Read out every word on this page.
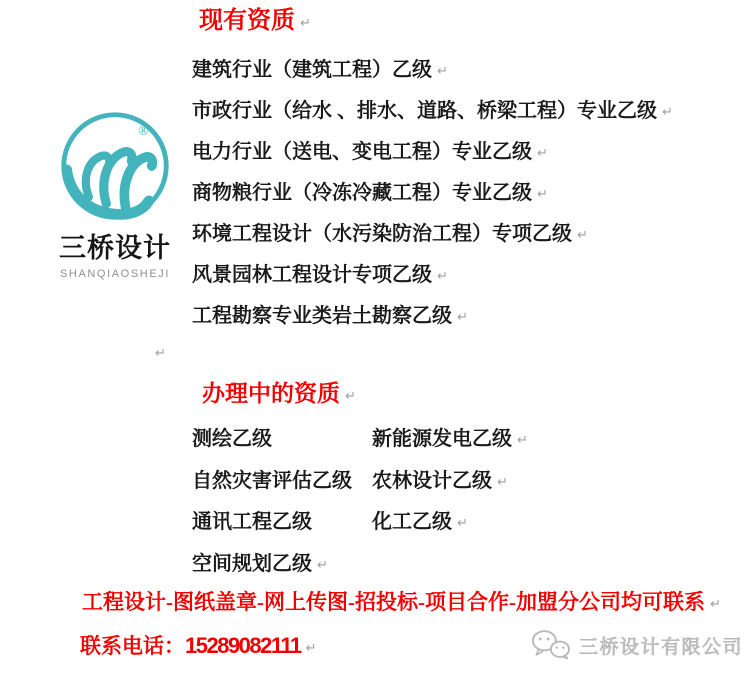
®
三桥设计
SHANQIAOSHEJI
现有资质 ↵
建筑行业（建筑工程）乙级 ↵
市政行业（给水 、排水、道路、桥梁工程）专业乙级 ↵
电力行业（送电、变电工程）专业乙级 ↵
商物粮行业（冷冻冷藏工程）专业乙级 ↵
环境工程设计（水污染防治工程）专项乙级 ↵
风景园林工程设计专项乙级 ↵
工程勘察专业类岩土勘察乙级 ↵
↵
办理中的资质 ↵
测绘乙级	新能源发电乙级 ↵
自然灾害评估乙级 农林设计乙级 ↵
通讯工程乙级	化工乙级 ↵
空间规划乙级 ↵
工程设计-图纸盖章-网上传图-招投标-项目合作-加盟分公司均可联系 ↵
联系电话：15289082111 ↵	三桥设计有限公司
